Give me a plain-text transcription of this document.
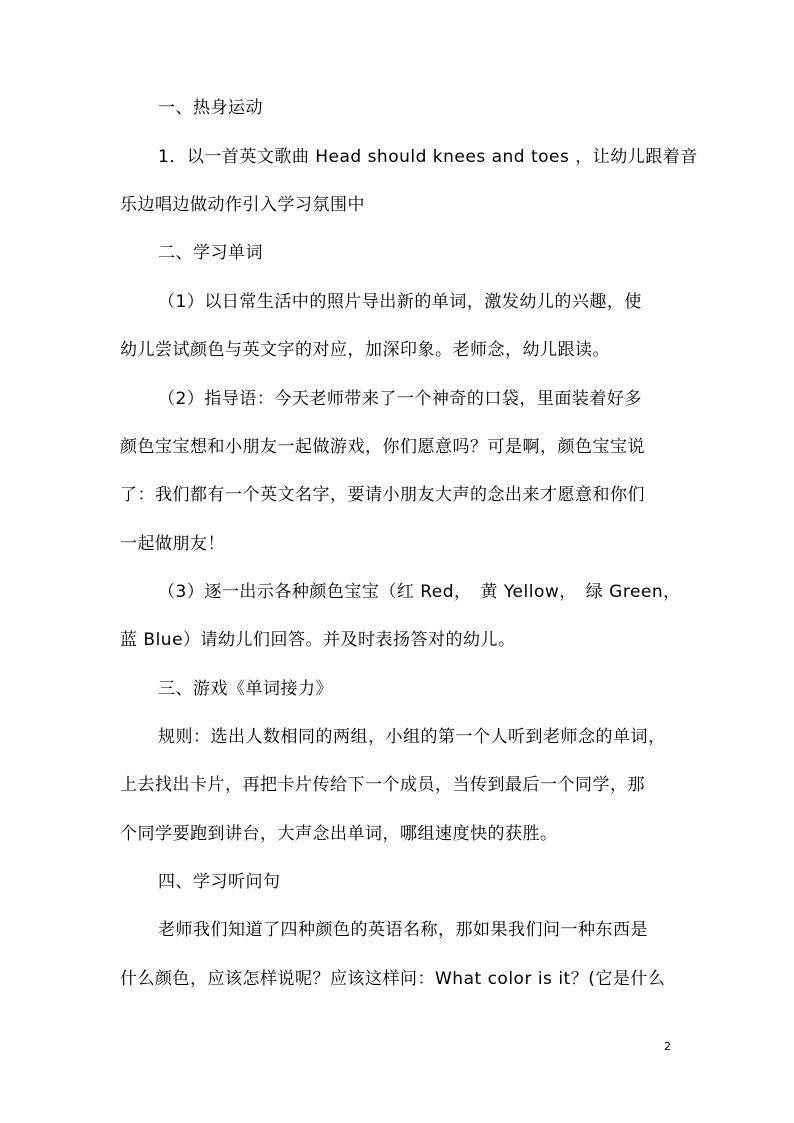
一、热身运动
1．以一首英文歌曲 Head should knees and toes ，让幼儿跟着音
乐边唱边做动作引入学习氛围中
二、学习单词
（1）以日常生活中的照片导出新的单词，激发幼儿的兴趣，使
幼儿尝试颜色与英文字的对应，加深印象。老师念，幼儿跟读。
（2）指导语：今天老师带来了一个神奇的口袋，里面装着好多
颜色宝宝想和小朋友一起做游戏，你们愿意吗？可是啊，颜色宝宝说
了：我们都有一个英文名字，要请小朋友大声的念出来才愿意和你们
一起做朋友！
（3）逐一出示各种颜色宝宝（红 Red，　黄 Yellow，　绿 Green，
蓝 Blue）请幼儿们回答。并及时表扬答对的幼儿。
三、游戏《单词接力》
规则：选出人数相同的两组，小组的第一个人听到老师念的单词，
上去找出卡片，再把卡片传给下一个成员，当传到最后一个同学，那
个同学要跑到讲台，大声念出单词，哪组速度快的获胜。
四、学习听问句
老师我们知道了四种颜色的英语名称，那如果我们问一种东西是
什么颜色，应该怎样说呢？应该这样问：What color is it？(它是什么
2
